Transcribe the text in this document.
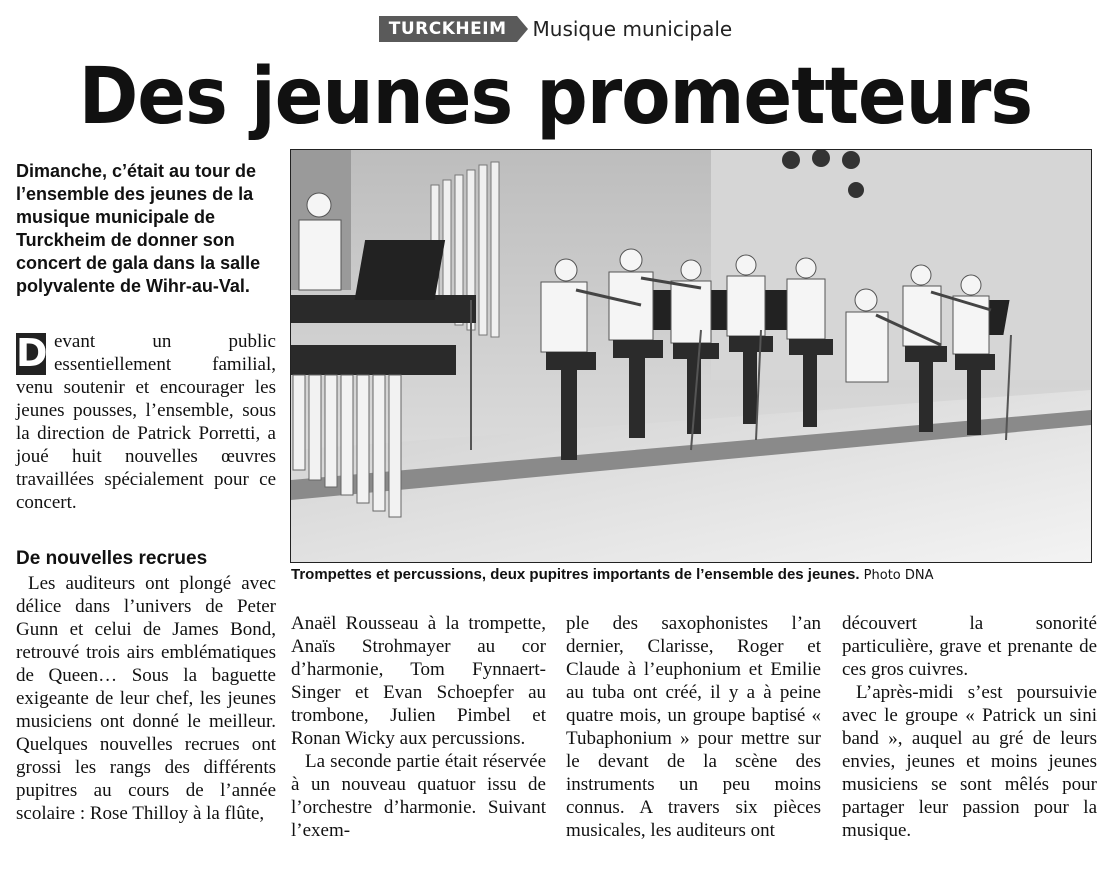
TURCKHEIM	Musique municipale
Des jeunes prometteurs

Dimanche, c’était au tour de l’ensemble des jeunes de la musique municipale de Turckheim de donner son concert de gala dans la salle polyvalente de Wihr-au-Val.

D evant un public essentiellement familial, venu soutenir et encourager les jeunes pousses, l’ensemble, sous la direction de Patrick Porretti, a joué huit nouvelles œuvres travaillées spécialement pour ce concert.

De nouvelles recrues

Les auditeurs ont plongé avec délice dans l’univers de Peter Gunn et celui de James Bond, retrouvé trois airs emblématiques de Queen… Sous la baguette exigeante de leur chef, les jeunes musiciens ont donné le meilleur. Quelques nouvelles recrues ont grossi les rangs des différents pupitres au cours de l’année scolaire : Rose Thilloy à la flûte,

Anaël Rousseau à la trompette, Anaïs Strohmayer au cor d’harmonie, Tom Fynnaert-Singer et Evan Schoepfer au trombone, Julien Pimbel et Ronan Wicky aux percussions.

La seconde partie était réservée à un nouveau quatuor issu de l’orchestre d’harmonie. Suivant l’exem-

ple des saxophonistes l’an dernier, Clarisse, Roger et Claude à l’euphonium et Emilie au tuba ont créé, il y a à peine quatre mois, un groupe baptisé « Tubaphonium » pour mettre sur le devant de la scène des instruments un peu moins connus. A travers six pièces musicales, les auditeurs ont

découvert la sonorité particulière, grave et prenante de ces gros cuivres.

L’après-midi s’est poursuivie avec le groupe « Patrick un sini band », auquel au gré de leurs envies, jeunes et moins jeunes musiciens se sont mêlés pour partager leur passion pour la musique.

Trompettes et percussions, deux pupitres importants de l’ensemble des jeunes. Photo DNA
